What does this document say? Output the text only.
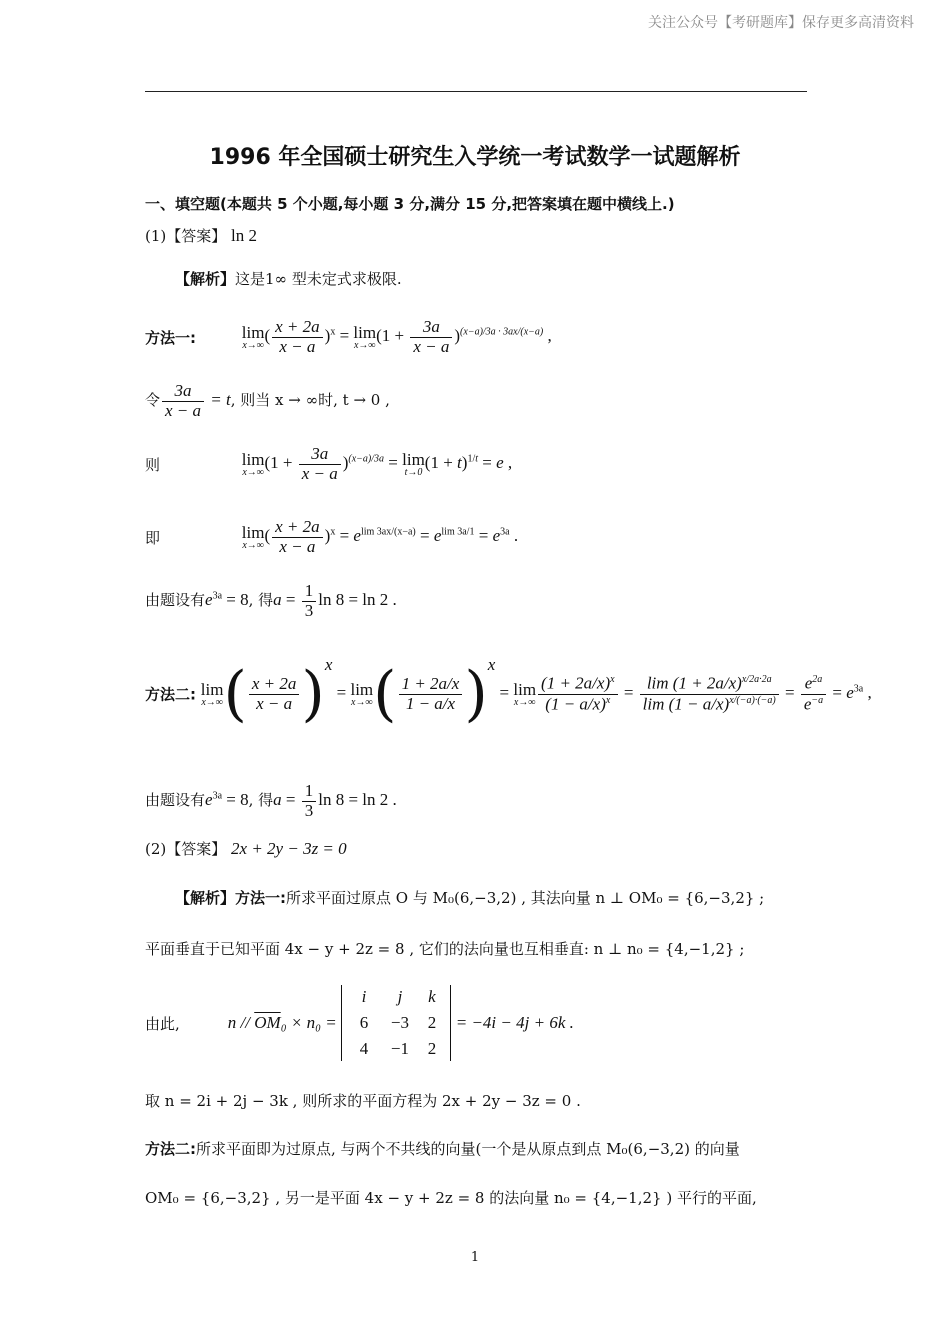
关注公众号【考研题库】保存更多高清资料
1996 年全国硕士研究生入学统一考试数学一试题解析
一、填空题(本题共 5 个小题,每小题 3 分,满分 15 分,把答案填在题中横线上.)
(1)【答案】 ln 2
【解析】这是1∞ 型未定式求极限.
方法一:	lim
x→∞ ( $\frac{x + 2a}{x - a} )^x = \lim$
x→∞ $(1 + \frac{3a}{x - a} )^{(x-a)/3a \cdot 3ax/(x-a)}$ ,
令 $\frac{3a}{x - a} = t$, 则当 x → ∞时, t → 0 ,
则	lim
x→∞ $(1 + \frac{3a}{x - a} )^{(x-a)/3a} = \lim$
t→0 $(1 + t)^{1/t} = e$ ,
即	lim
x→∞ ( $\frac{x + 2a}{x - a} )^x = e^{lim 3ax/(x-a)} = e^{lim 3a/1} = e^{3a}$ .
由题设有$e^{3a} = 8$, 得$a = \frac{1}{3}$ ln 8 = ln 2 .
方法二: lim
x→∞ ( $\frac{x + 2a}{x - a} )^x = \lim$
x→∞ ( $\frac{1 + 2a/x}{1 - a/x} )^x = \lim$
$x\to\infty \frac{(1 + 2a/x)^x}{(1 - a/x)^x} = \frac{\lim (1 + 2a/x)^{x/2a\cdot 2a}}{\lim (1 - a/x)^{x/(-a)\cdot(-a)}} = \frac{e^{2a}}{e^{-a}} = e^{3a}$ ,
由题设有$e^{3a} = 8$, 得$a = \frac{1}{3}$ ln 8 = ln 2 .
(2)【答案】 2x + 2y − 3z = 0
【解析】方法一:所求平面过原点 O 与 M₀(6,−3,2) , 其法向量 n ⊥ OM₀ = {6,−3,2} ;
平面垂直于已知平面 4x − y + 2z = 8 , 它们的法向量也互相垂直: n ⊥ n₀ = {4,−1,2} ;
由此,	$n // \overline{OM}_0 \times n_0$ =
i	j	k
6	−3	2
4	−1	2
= −4i − 4j + 6k .
取 n = 2i + 2j − 3k , 则所求的平面方程为 2x + 2y − 3z = 0 .
方法二:所求平面即为过原点, 与两个不共线的向量(一个是从原点到点 M₀(6,−3,2) 的向量
OM₀ = {6,−3,2} , 另一是平面 4x − y + 2z = 8 的法向量 n₀ = {4,−1,2} ) 平行的平面,
1
